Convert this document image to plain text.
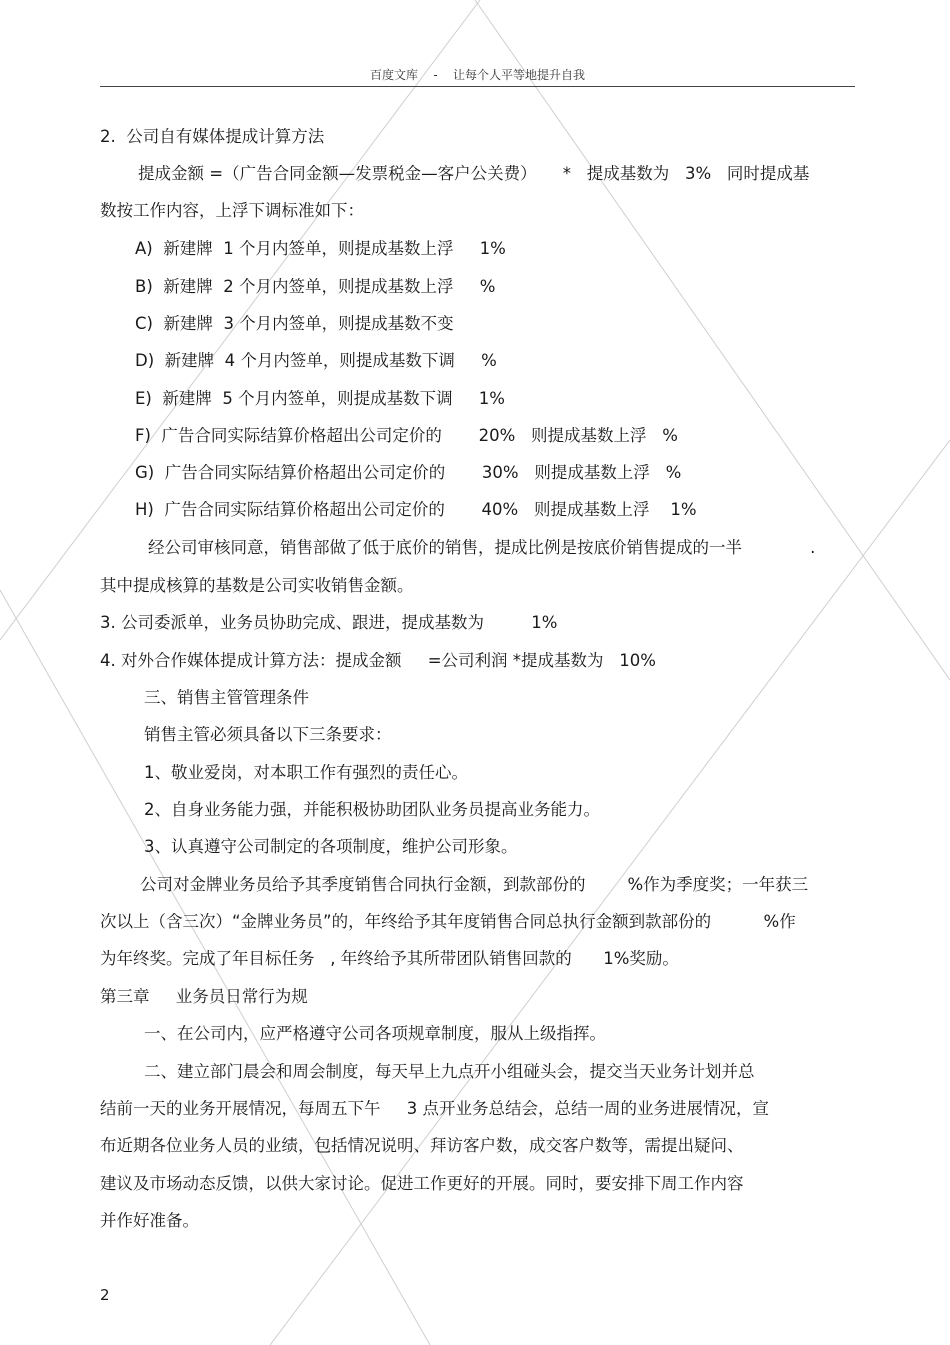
百度文库 - 让每个人平等地提升自我

2.  公司自有媒体提成计算方法

提成金额 =（广告合同金额—发票税金—客户公关费）     *   提成基数为   3%   同时提成基

数按工作内容，上浮下调标准如下：

A)  新建牌  1 个月内签单，则提成基数上浮     1%

B)  新建牌  2 个月内签单，则提成基数上浮     %

C)  新建牌  3 个月内签单，则提成基数不变

D)  新建牌  4 个月内签单，则提成基数下调     %

E)  新建牌  5 个月内签单，则提成基数下调     1%

F)  广告合同实际结算价格超出公司定价的       20%   则提成基数上浮   %

G)  广告合同实际结算价格超出公司定价的       30%   则提成基数上浮   %

H)  广告合同实际结算价格超出公司定价的       40%   则提成基数上浮    1%

经公司审核同意，销售部做了低于底价的销售，提成比例是按底价销售提成的一半             .

其中提成核算的基数是公司实收销售金额。

3. 公司委派单，业务员协助完成、跟进，提成基数为         1%

4. 对外合作媒体提成计算方法：提成金额     =公司利润 *提成基数为   10%

三、销售主管管理条件

销售主管必须具备以下三条要求：

1、敬业爱岗，对本职工作有强烈的责任心。

2、自身业务能力强，并能积极协助团队业务员提高业务能力。

3、认真遵守公司制定的各项制度，维护公司形象。

公司对金牌业务员给予其季度销售合同执行金额，到款部份的        %作为季度奖；一年获三

次以上（含三次）“金牌业务员”的，年终给予其年度销售合同总执行金额到款部份的          %作

为年终奖。完成了年目标任务   , 年终给予其所带团队销售回款的      1%奖励。

第三章     业务员日常行为规

一、在公司内，应严格遵守公司各项规章制度，服从上级指挥。

二、建立部门晨会和周会制度，每天早上九点开小组碰头会，提交当天业务计划并总

结前一天的业务开展情况，每周五下午     3 点开业务总结会，总结一周的业务进展情况，宣

布近期各位业务人员的业绩，包括情况说明、拜访客户数，成交客户数等，需提出疑问、

建议及市场动态反馈，以供大家讨论。促进工作更好的开展。同时，要安排下周工作内容

并作好准备。

2
